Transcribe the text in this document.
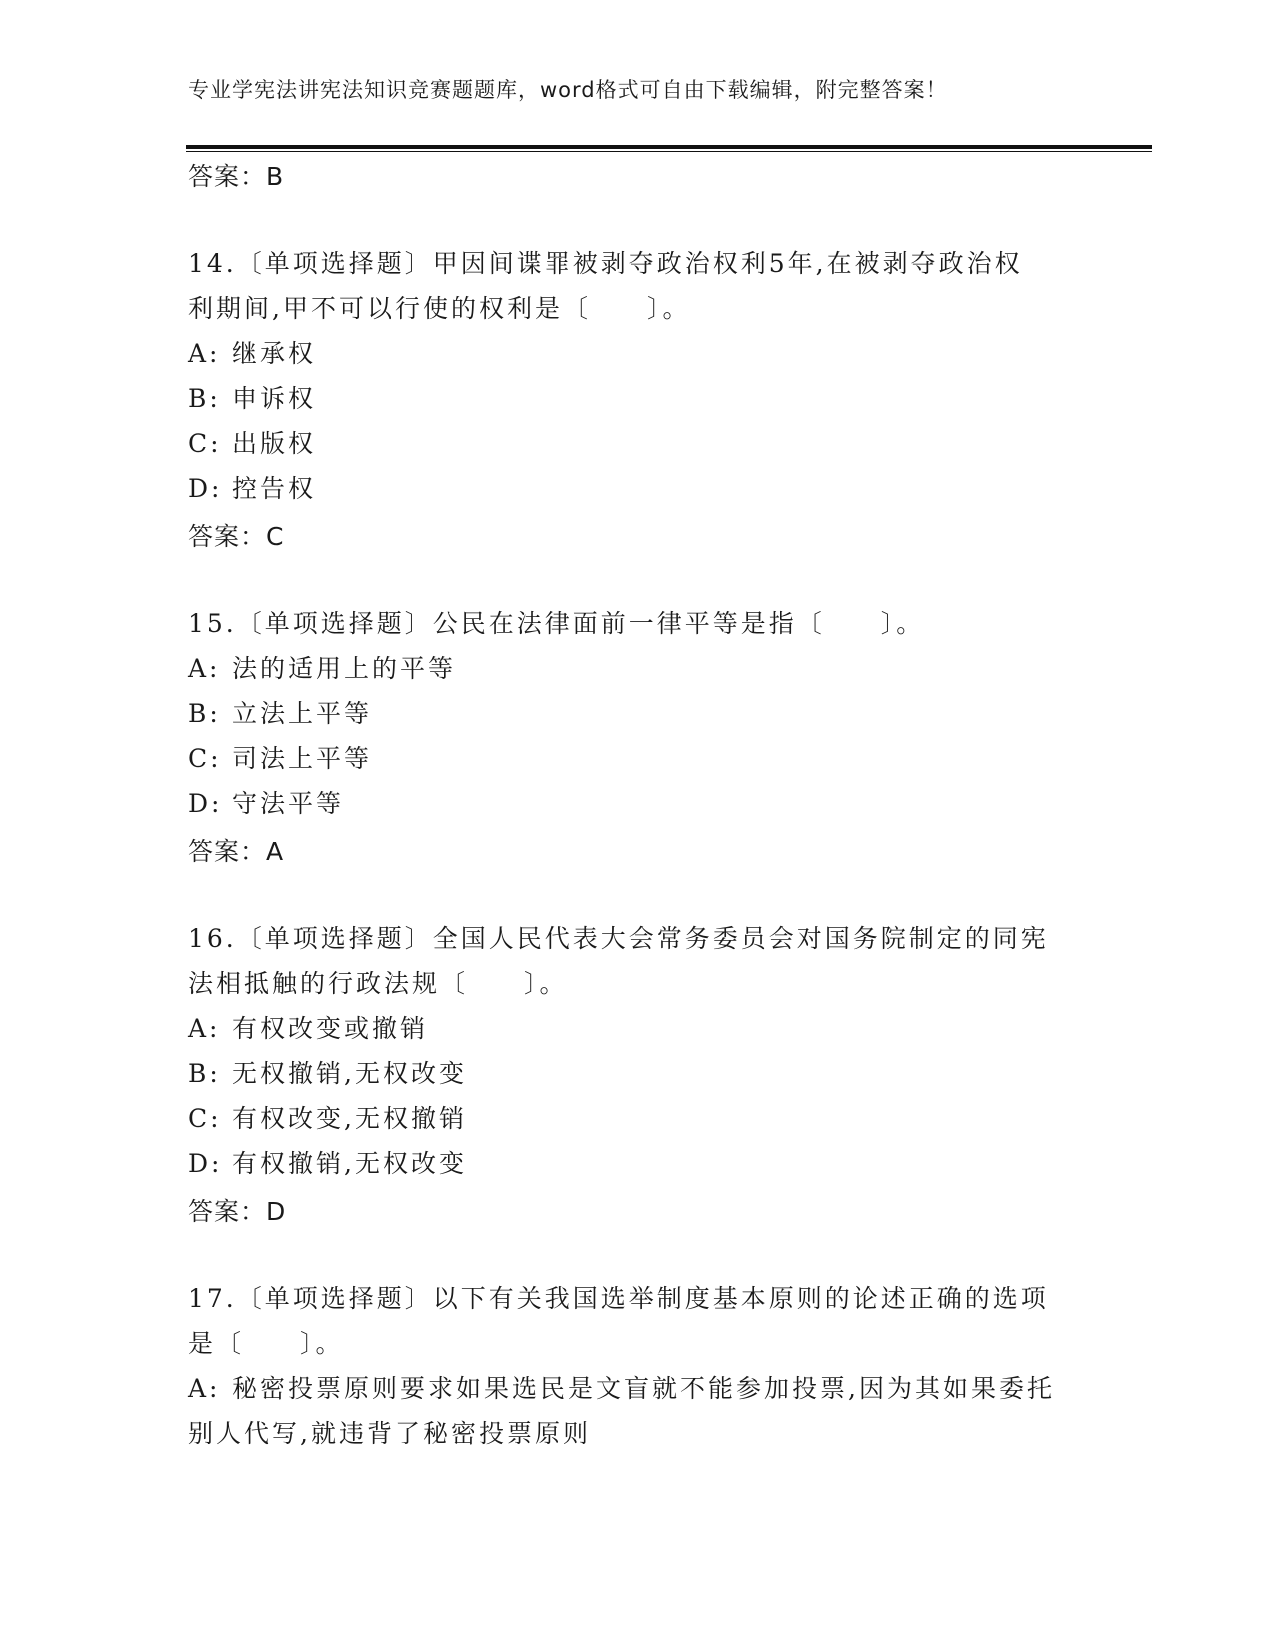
专业学宪法讲宪法知识竞赛题题库，word格式可自由下载编辑，附完整答案！
答案：B
14.〔单项选择题〕甲因间谍罪被剥夺政治权利5年,在被剥夺政治权
利期间,甲不可以行使的权利是〔　　〕。
A: 继承权
B: 申诉权
C: 出版权
D: 控告权
答案：C
15.〔单项选择题〕公民在法律面前一律平等是指〔　　〕。
A: 法的适用上的平等
B: 立法上平等
C: 司法上平等
D: 守法平等
答案：A
16.〔单项选择题〕全国人民代表大会常务委员会对国务院制定的同宪
法相抵触的行政法规〔　　〕。
A: 有权改变或撤销
B: 无权撤销,无权改变
C: 有权改变,无权撤销
D: 有权撤销,无权改变
答案：D
17.〔单项选择题〕以下有关我国选举制度基本原则的论述正确的选项
是〔　　〕。
A: 秘密投票原则要求如果选民是文盲就不能参加投票,因为其如果委托别人代写,就违背了秘密投票原则
